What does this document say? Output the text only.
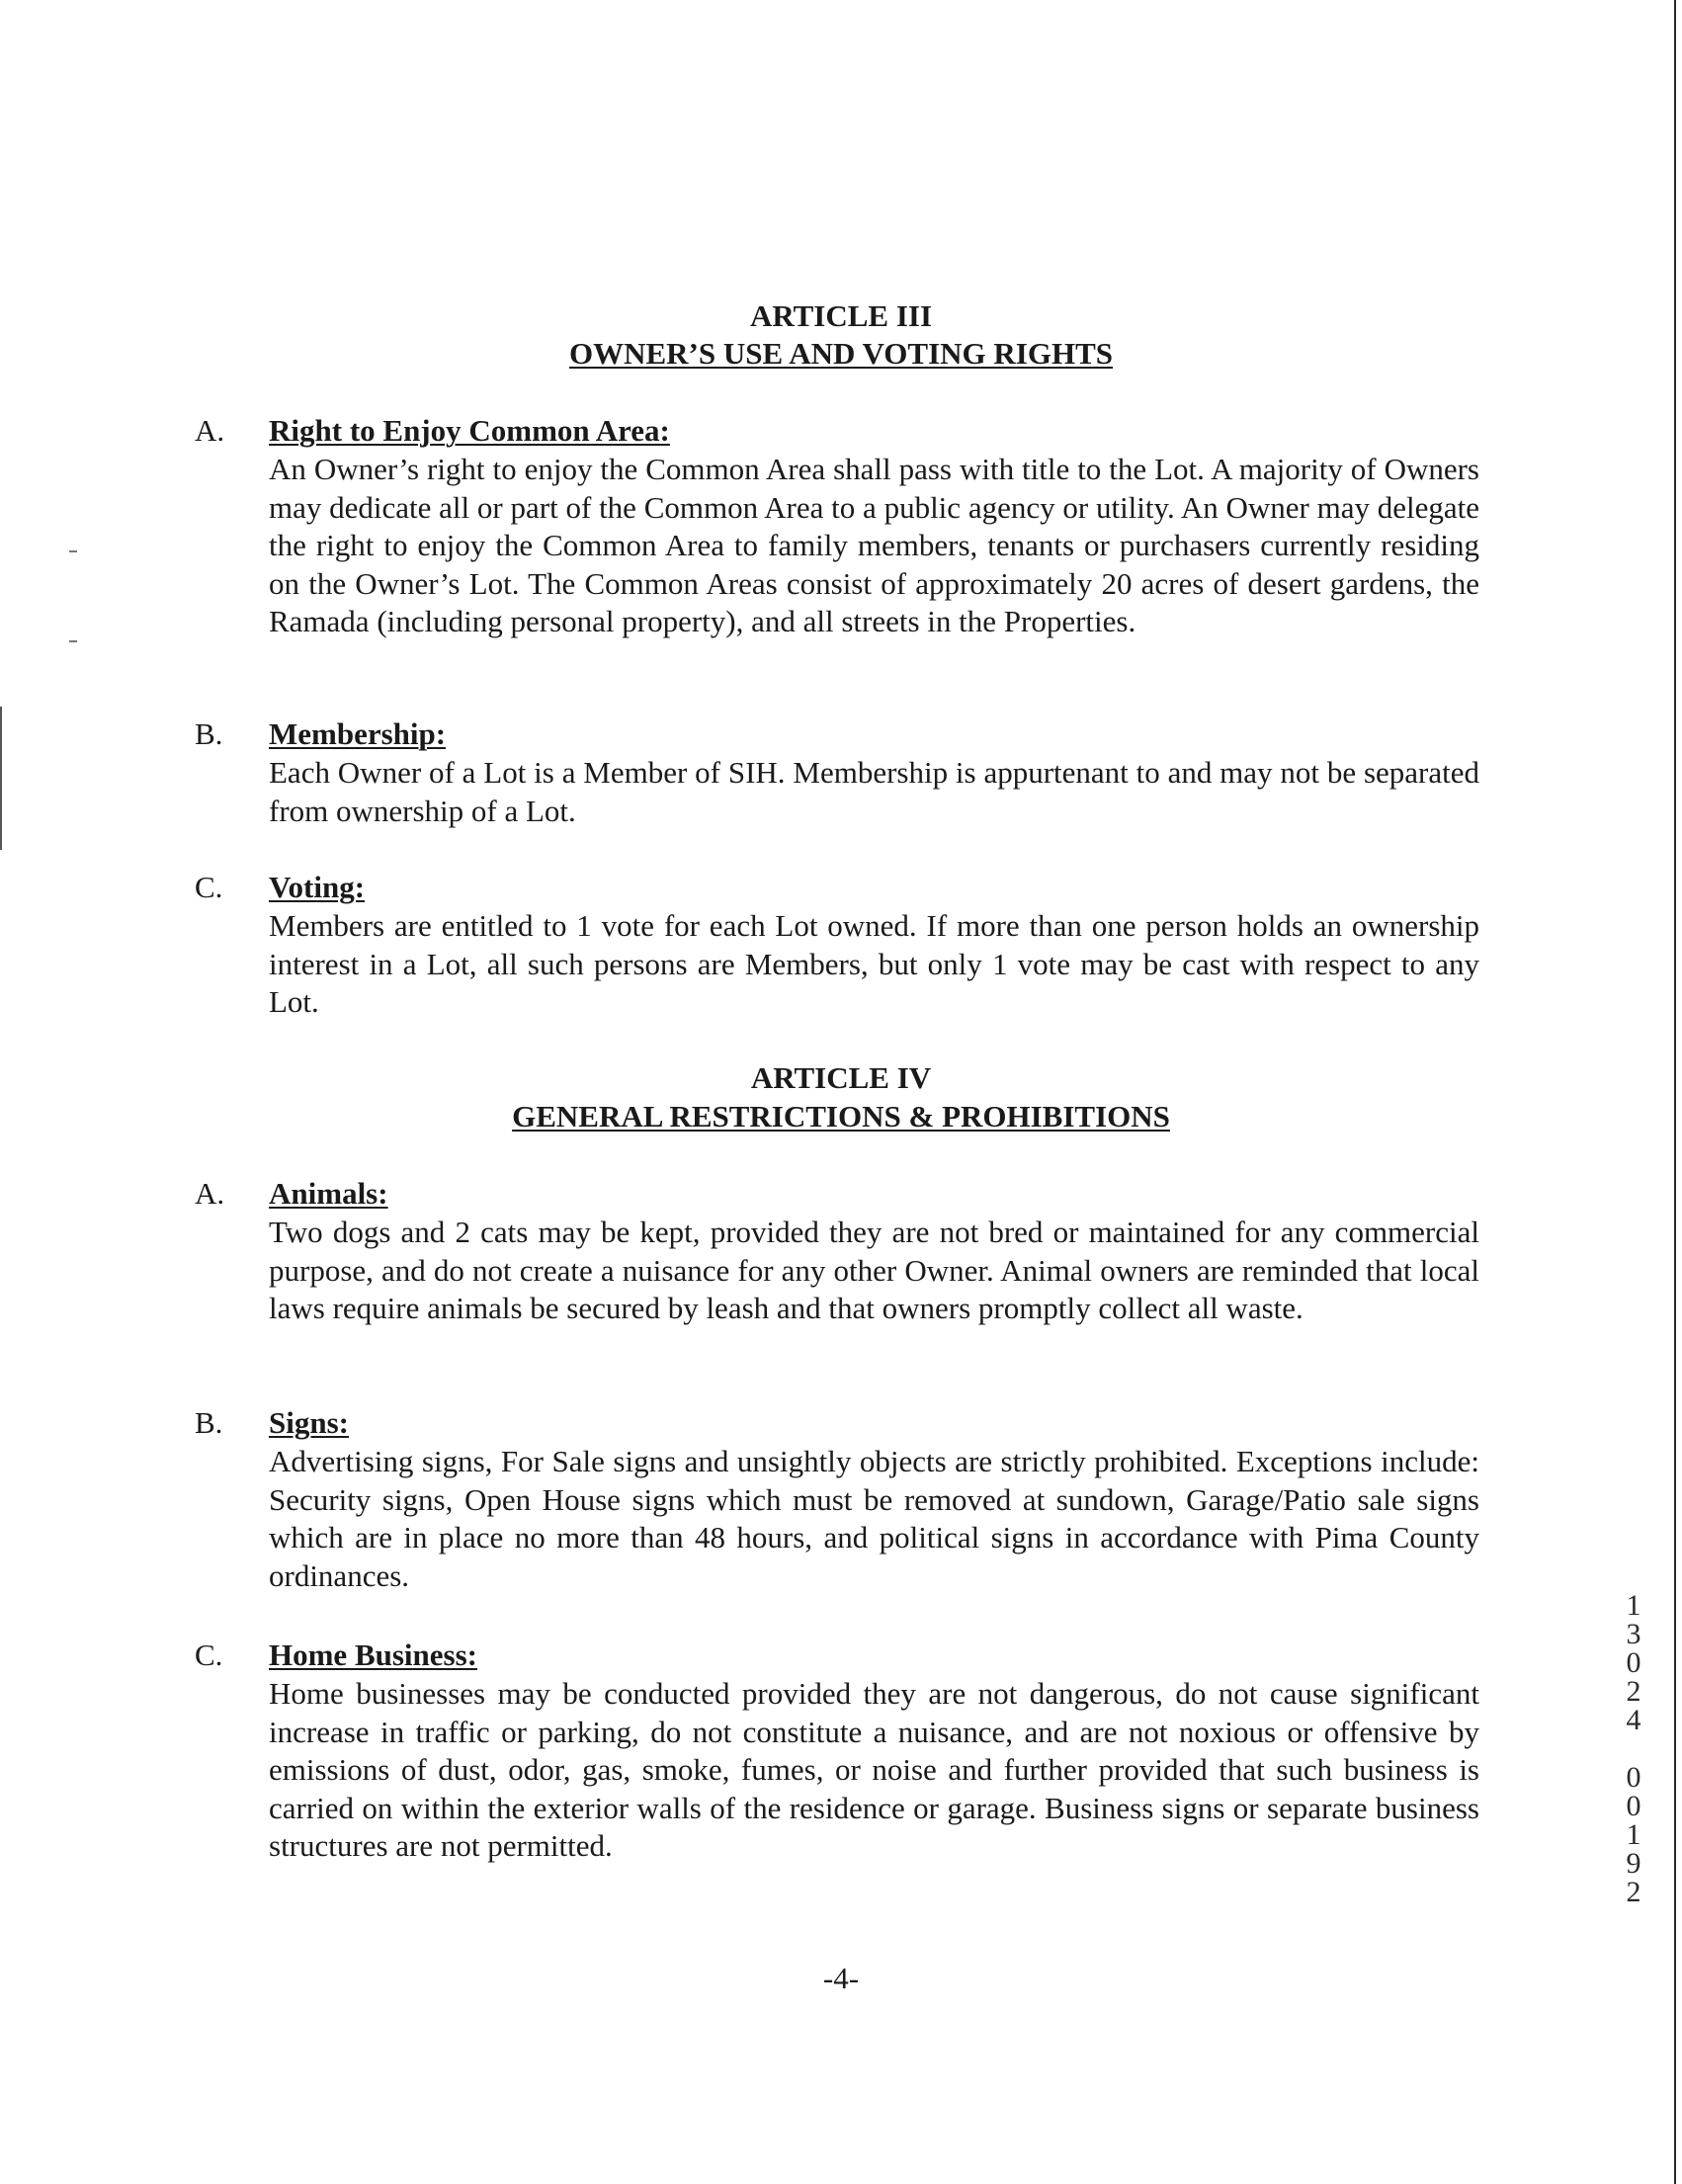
ARTICLE III
OWNER’S USE AND VOTING RIGHTS
A. Right to Enjoy Common Area:
An Owner’s right to enjoy the Common Area shall pass with title to the Lot. A majority of Owners may dedicate all or part of the Common Area to a public agency or utility. An Owner may delegate the right to enjoy the Common Area to family members, tenants or purchasers currently residing on the Owner’s Lot. The Common Areas consist of approximately 20 acres of desert gardens, the Ramada (including personal property), and all streets in the Properties.
B. Membership:
Each Owner of a Lot is a Member of SIH. Membership is appurtenant to and may not be separated from ownership of a Lot.
C. Voting:
Members are entitled to 1 vote for each Lot owned. If more than one person holds an ownership interest in a Lot, all such persons are Members, but only 1 vote may be cast with respect to any Lot.
ARTICLE IV
GENERAL RESTRICTIONS & PROHIBITIONS
A. Animals:
Two dogs and 2 cats may be kept, provided they are not bred or maintained for any commercial purpose, and do not create a nuisance for any other Owner. Animal owners are reminded that local laws require animals be secured by leash and that owners promptly collect all waste.
B. Signs:
Advertising signs, For Sale signs and unsightly objects are strictly prohibited. Exceptions include: Security signs, Open House signs which must be removed at sundown, Garage/Patio sale signs which are in place no more than 48 hours, and political signs in accordance with Pima County ordinances.
C. Home Business:
Home businesses may be conducted provided they are not dangerous, do not cause significant increase in traffic or parking, do not constitute a nuisance, and are not noxious or offensive by emissions of dust, odor, gas, smoke, fumes, or noise and further provided that such business is carried on within the exterior walls of the residence or garage. Business signs or separate business structures are not permitted.
-4-
1
3
0
2
4
0
0
1
9
2
